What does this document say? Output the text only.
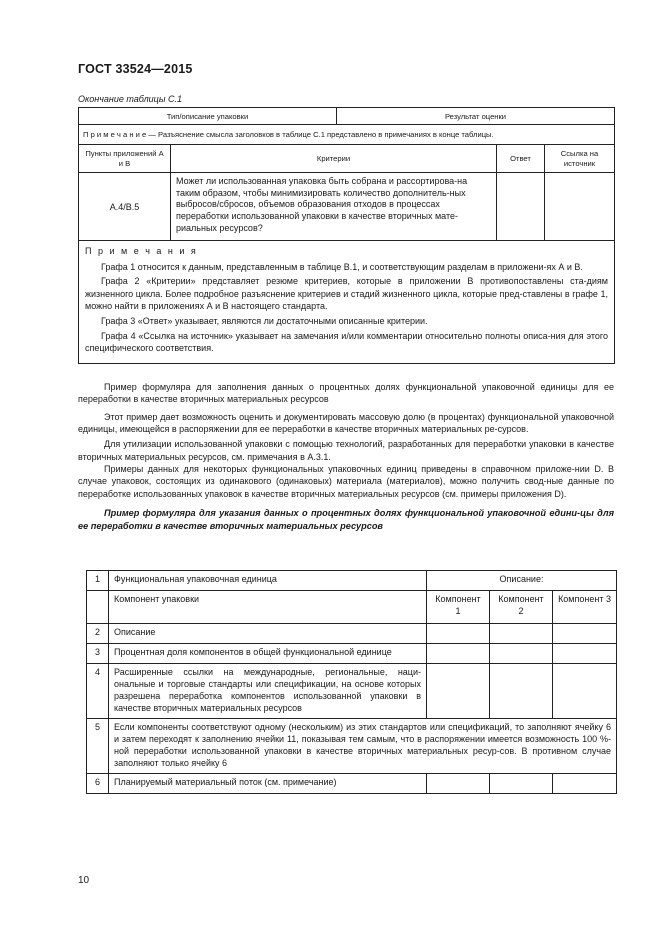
ГОСТ 33524—2015
Окончание таблицы С.1
Тип/описание упаковки		Результат оценки		
П р и м е ч а н и е — Разъяснение смысла заголовков в таблице С.1 представлено в примечаниях в конце таблицы.				
Пункты приложений А и В	Критерии		Ответ	Ссылка на источник
А.4/В.5	Может ли использованная упаковка быть собрана и рассортирова-на таким образом, чтобы минимизировать количество дополнитель-ных выбросов/сбросов, объемов образования отходов в процессах переработки использованной упаковки в качестве вторичных мате-риальных ресурсов?			

П р и м е ч а н и я

Графа 1 относится к данным, представленным в таблице В.1, и соответствующим разделам в приложени-ях А и В.

Графа 2 «Критерии» представляет резюме критериев, которые в приложении В противопоставлены ста-диям жизненного цикла. Более подробное разъяснение критериев и стадий жизненного цикла, которые пред-ставлены в графе 1, можно найти в приложениях А и В настоящего стандарта.

Графа 3 «Ответ» указывает, являются ли достаточными описанные критерии.

Графа 4 «Ссылка на источник» указывает на замечания и/или комментарии относительно полноты описа-ния для этого специфического соответствия.				

Пример формуляра для заполнения данных о процентных долях функциональной упаковочной единицы для ее переработки в качестве вторичных материальных ресурсов

Этот пример дает возможность оценить и документировать массовую долю (в процентах) функциональной упаковочной единицы, имеющейся в распоряжении для ее переработки в качестве вторичных материальных ре-сурсов.

Для утилизации использованной упаковки с помощью технологий, разработанных для переработки упаковки в качестве вторичных материальных ресурсов, см. примечания в А.3.1.

Примеры данных для некоторых функциональных упаковочных единиц приведены в справочном приложе-нии D. В случае упаковок, состоящих из одинакового (одинаковых) материала (материалов), можно получить свод-ные данные по переработке использованных упаковок в качестве вторичных материальных ресурсов (см. примеры приложения D).

Пример формуляра для указания данных о процентных долях функциональной упаковочной едини-цы для ее переработки в качестве вторичных материальных ресурсов

1	Функциональная упаковочная единица	Описание:		
	Компонент упаковки	Компонент 1	Компонент 2	Компонент 3
2	Описание			
3	Процентная доля компонентов в общей функциональной единице			
4	Расширенные ссылки на международные, региональные, наци-ональные и торговые стандарты или спецификации, на основе которых разрешена переработка компонентов использованной упаковки в качестве вторичных материальных ресурсов			
5	Если компоненты соответствуют одному (нескольким) из этих стандартов или спецификаций, то заполняют ячейку 6 и затем переходят к заполнению ячейки 11, показывая тем самым, что в распоряжении имеется возможность 100 %-ной переработки использованной упаковки в качестве вторичных материальных ресур-сов. В противном случае заполняют только ячейку 6			
6	Планируемый материальный поток (см. примечание)			
10
